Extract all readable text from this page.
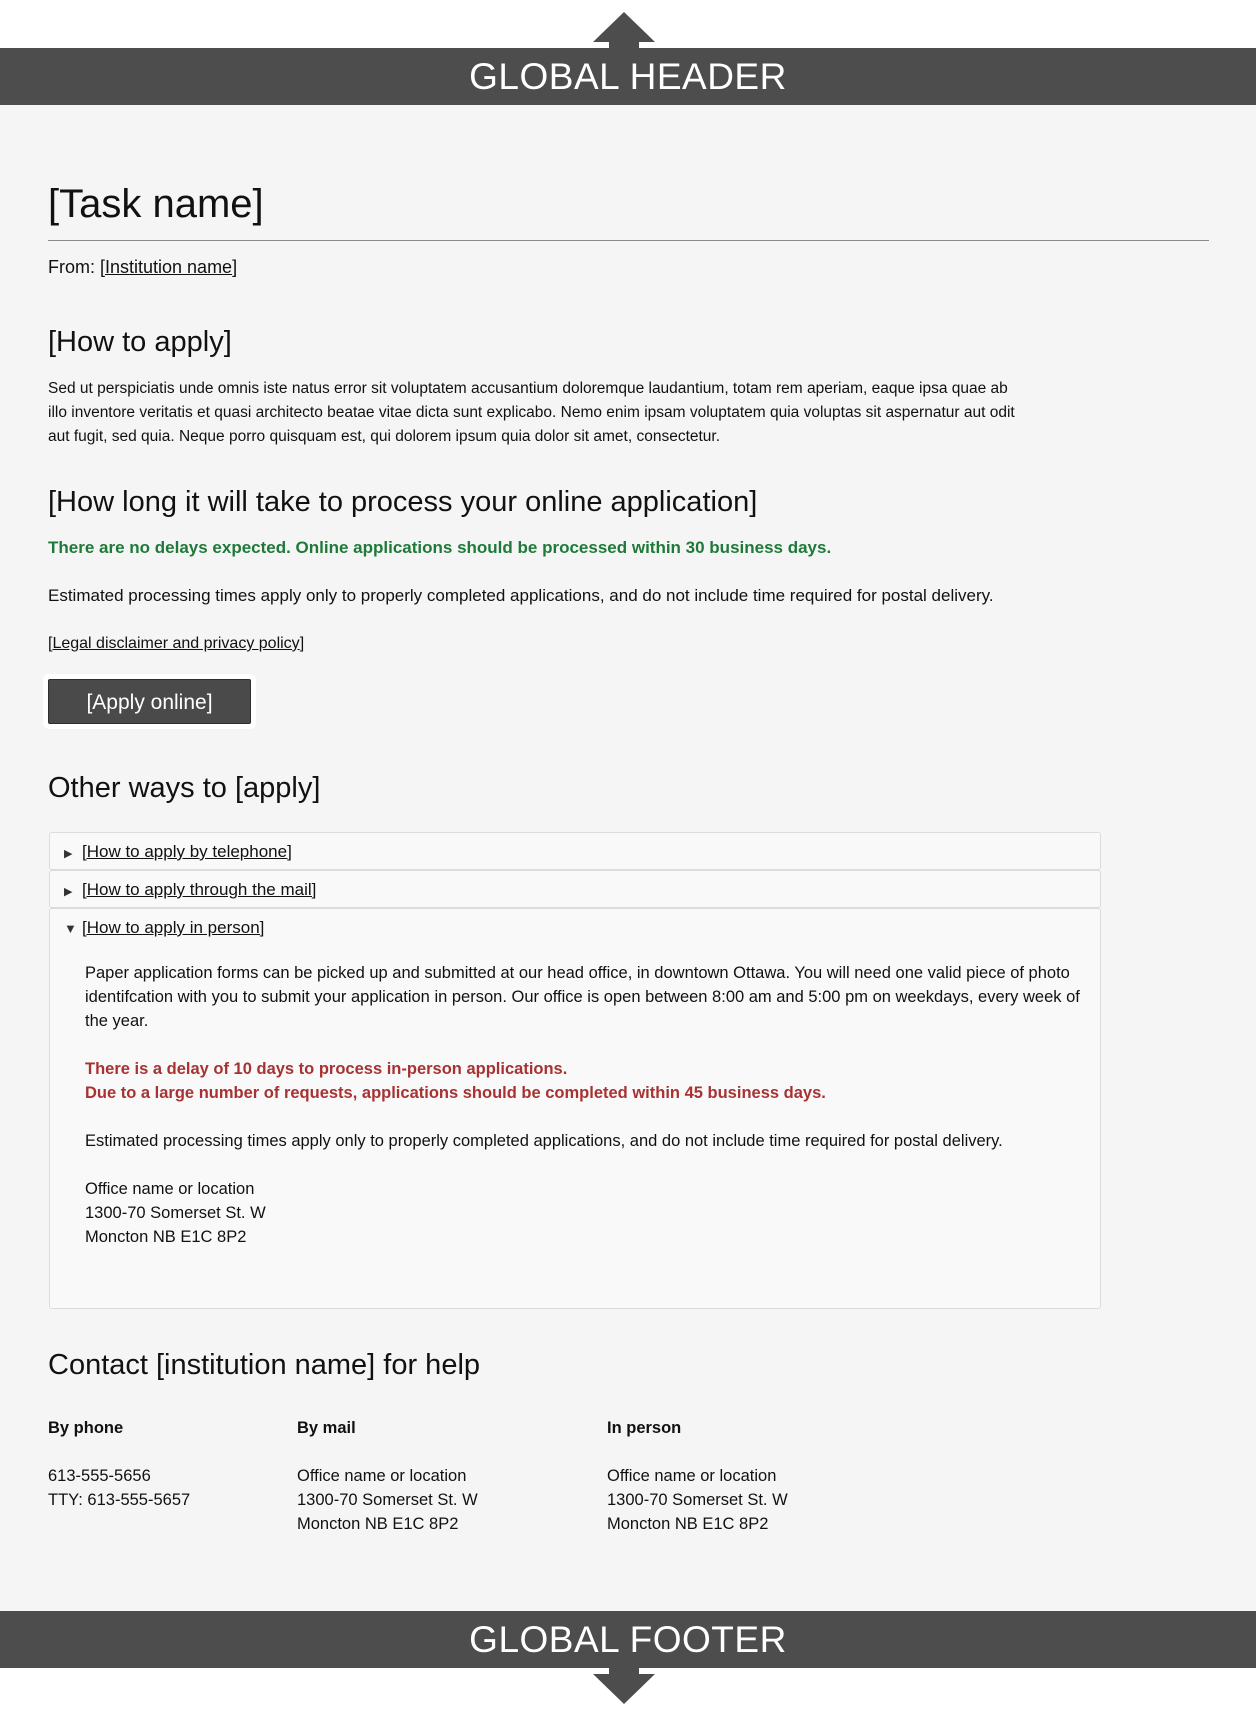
GLOBAL HEADER
[Task name]
From: [Institution name]
[How to apply]

Sed ut perspiciatis unde omnis iste natus error sit voluptatem accusantium doloremque laudantium, totam rem aperiam, eaque ipsa quae ab illo inventore veritatis et quasi architecto beatae vitae dicta sunt explicabo. Nemo enim ipsam voluptatem quia voluptas sit aspernatur aut odit aut fugit, sed quia. Neque porro quisquam est, qui dolorem ipsum quia dolor sit amet, consectetur.

[How long it will take to process your online application]

There are no delays expected. Online applications should be processed within 30 business days.

Estimated processing times apply only to properly completed applications, and do not include time required for postal delivery.

[Legal disclaimer and privacy policy]
[Apply online]
Other ways to [apply]
▶ [How to apply by telephone]
▶ [How to apply through the mail]
▼ [How to apply in person]

Paper application forms can be picked up and submitted at our head office, in downtown Ottawa. You will need one valid piece of photo identifcation with you to submit your application in person. Our office is open between 8:00 am and 5:00 pm on weekdays, every week of the year.

There is a delay of 10 days to process in-person applications.
Due to a large number of requests, applications should be completed within 45 business days.

Estimated processing times apply only to properly completed applications, and do not include time required for postal delivery.

Office name or location
1300-70 Somerset St. W
Moncton NB E1C 8P2

Contact [institution name] for help
By phone
613-555-5656
TTY: 613-555-5657
By mail
Office name or location
1300-70 Somerset St. W
Moncton NB E1C 8P2
In person
Office name or location
1300-70 Somerset St. W
Moncton NB E1C 8P2
GLOBAL FOOTER
